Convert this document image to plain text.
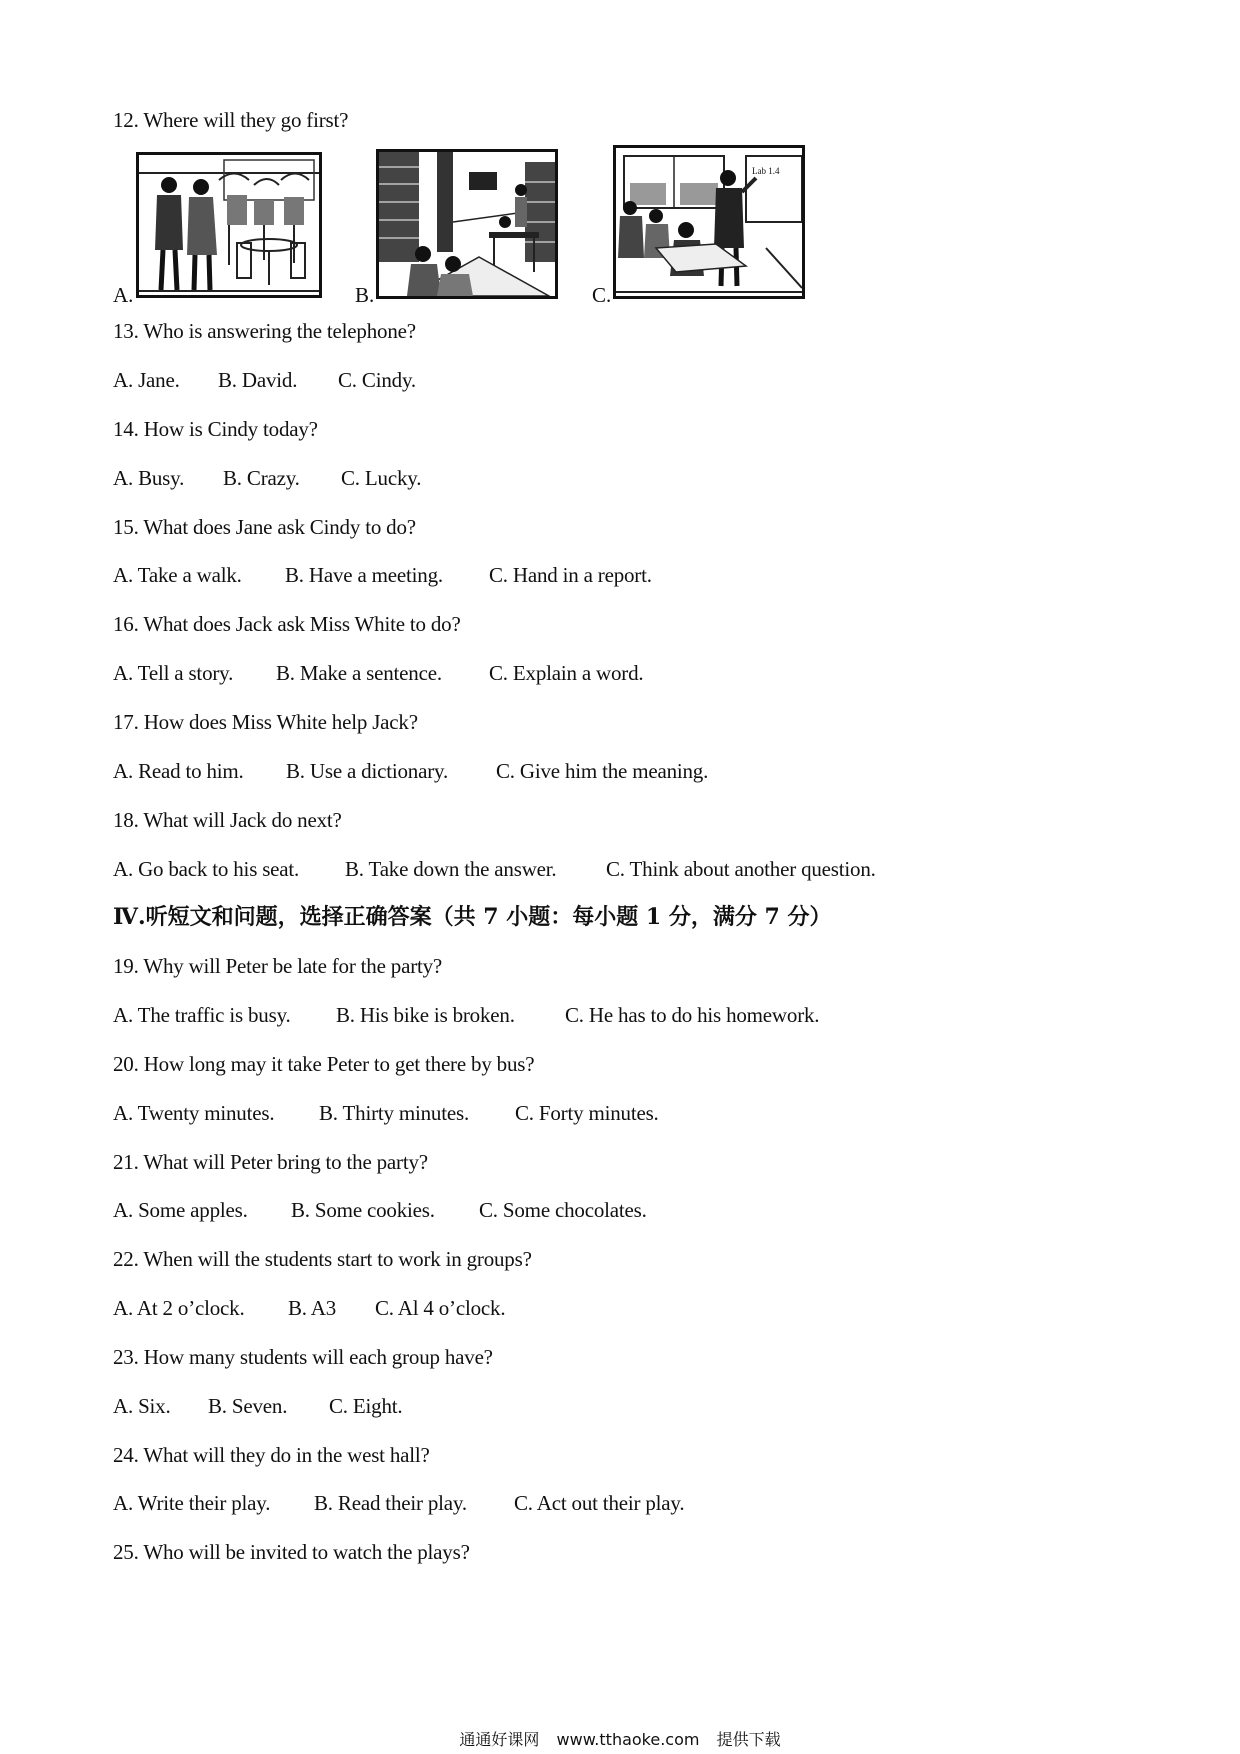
12. Where will they go first?
A.	B.	C.
Lab 1.4
13. Who is answering the telephone?
A. Jane. B. David. C. Cindy.
14. How is Cindy today?
A. Busy. B. Crazy. C. Lucky.
15. What does Jane ask Cindy to do?
A. Take a walk. B. Have a meeting. C. Hand in a report.
16. What does Jack ask Miss White to do?
A. Tell a story. B. Make a sentence. C. Explain a word.
17. How does Miss White help Jack?
A. Read to him. B. Use a dictionary. C. Give him the meaning.
18. What will Jack do next?
A. Go back to his seat. B. Take down the answer. C. Think about another question.
Ⅳ.听短文和问题，选择正确答案（共 7 小题：每小题 1 分，满分 7 分）
19. Why will Peter be late for the party?
A. The traffic is busy. B. His bike is broken. C. He has to do his homework.
20. How long may it take Peter to get there by bus?
A. Twenty minutes. B. Thirty minutes. C. Forty minutes.
21. What will Peter bring to the party?
A. Some apples. B. Some cookies. C. Some chocolates.
22. When will the students start to work in groups?
A. At 2 o’clock. B. A3 C. Al 4 o’clock.
23. How many students will each group have?
A. Six. B. Seven. C. Eight.
24. What will they do in the west hall?
A. Write their play. B. Read their play. C. Act out their play.
25. Who will be invited to watch the plays?
通通好课网 www.tthaoke.com 提供下载
